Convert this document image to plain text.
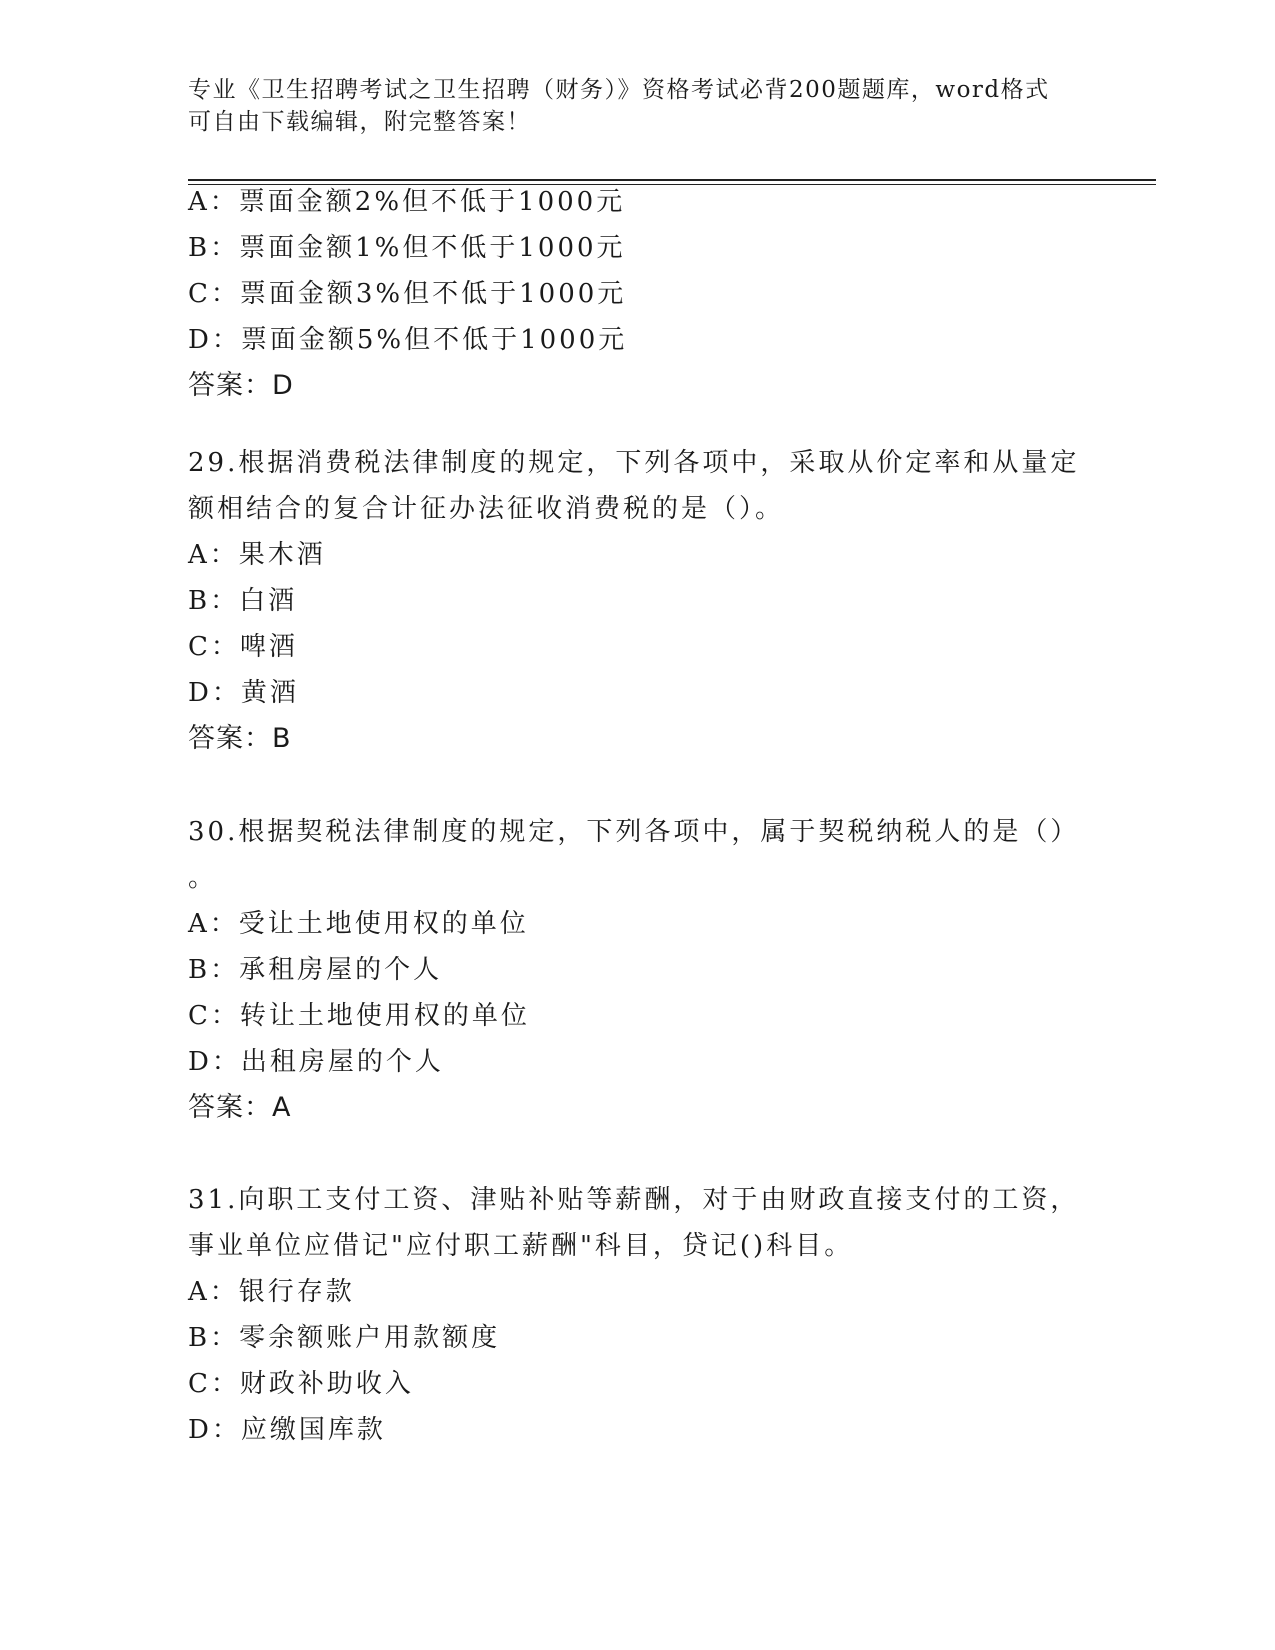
专业《卫生招聘考试之卫生招聘（财务）》资格考试必背200题题库，word格式
可自由下载编辑，附完整答案！
A：票面金额2%但不低于1000元
B：票面金额1%但不低于1000元
C：票面金额3%但不低于1000元
D：票面金额5%但不低于1000元
答案：D
29.根据消费税法律制度的规定，下列各项中，采取从价定率和从量定
额相结合的复合计征办法征收消费税的是（）。
A：果木酒
B：白酒
C：啤酒
D：黄酒
答案：B
30.根据契税法律制度的规定，下列各项中，属于契税纳税人的是（）
。
A：受让土地使用权的单位
B：承租房屋的个人
C：转让土地使用权的单位
D：出租房屋的个人
答案：A
31.向职工支付工资、津贴补贴等薪酬，对于由财政直接支付的工资，
事业单位应借记"应付职工薪酬"科目，贷记()科目。
A：银行存款
B：零余额账户用款额度
C：财政补助收入
D：应缴国库款
